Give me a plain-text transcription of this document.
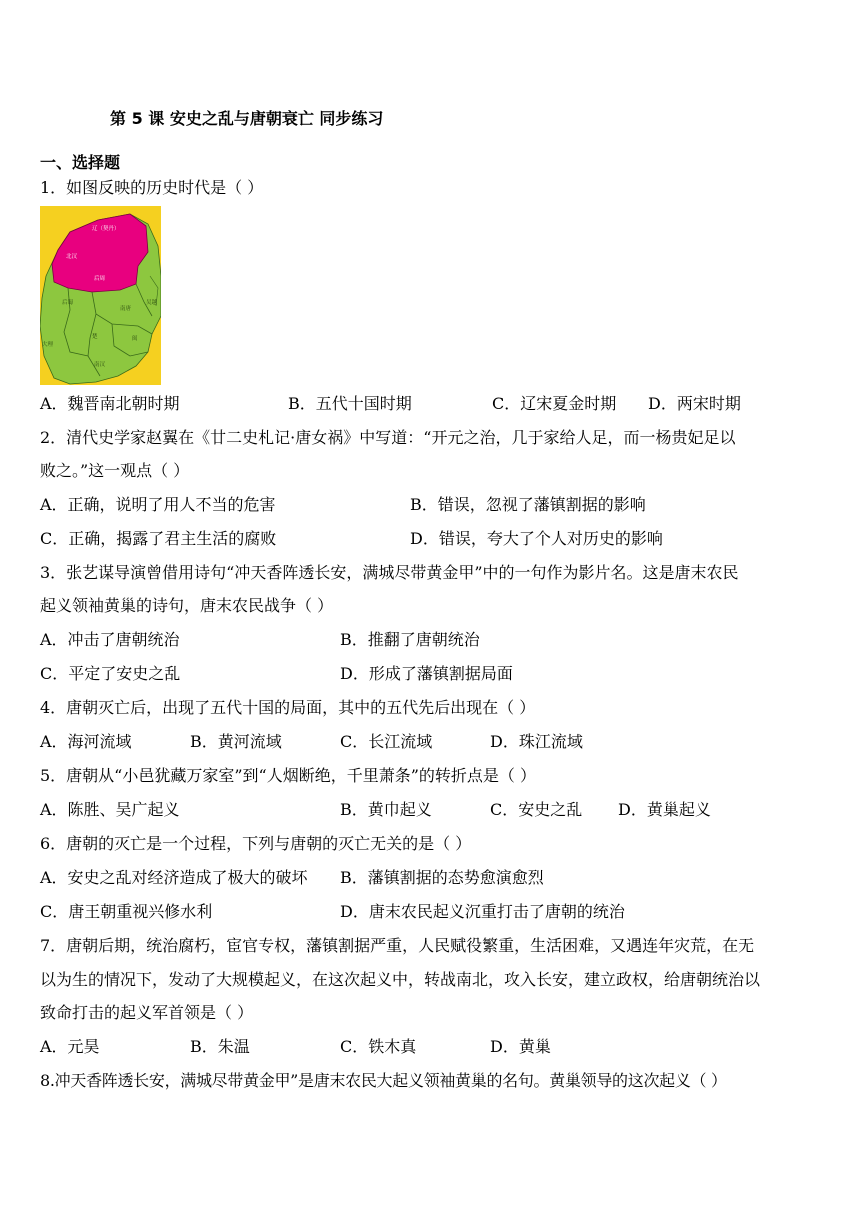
第 5 课 安史之乱与唐朝衰亡 同步练习
一、选择题
1．如图反映的历史时代是（ ）
辽（契丹）
北汉
后周
后蜀
南唐
吴越
楚	闽
南汉
大理
A．魏晋南北朝时期	B．五代十国时期	C．辽宋夏金时期 D．两宋时期
2．清代史学家赵翼在《廿二史札记·唐女祸》中写道：“开元之治，几于家给人足，而一杨贵妃足以
败之。”这一观点（ ）
A．正确，说明了用人不当的危害	B．错误，忽视了藩镇割据的影响
C．正确，揭露了君主生活的腐败	D．错误，夸大了个人对历史的影响
3．张艺谋导演曾借用诗句“冲天香阵透长安，满城尽带黄金甲”中的一句作为影片名。这是唐末农民
起义领袖黄巢的诗句，唐末农民战争（ ）
A．冲击了唐朝统治	B．推翻了唐朝统治
C．平定了安史之乱	D．形成了藩镇割据局面
4．唐朝灭亡后，出现了五代十国的局面，其中的五代先后出现在（ ）
A．海河流域	B．黄河流域	C．长江流域	D．珠江流域
5．唐朝从“小邑犹藏万家室”到“人烟断绝，千里萧条”的转折点是（ ）
A．陈胜、吴广起义	B．黄巾起义	C．安史之乱 D．黄巢起义
6．唐朝的灭亡是一个过程，下列与唐朝的灭亡无关的是（ ）
A．安史之乱对经济造成了极大的破坏 B．藩镇割据的态势愈演愈烈
C．唐王朝重视兴修水利	D．唐末农民起义沉重打击了唐朝的统治
7．唐朝后期，统治腐朽，宦官专权，藩镇割据严重，人民赋役繁重，生活困难，又遇连年灾荒，在无
以为生的情况下，发动了大规模起义，在这次起义中，转战南北，攻入长安，建立政权，给唐朝统治以
致命打击的起义军首领是（ ）
A．元昊	B．朱温	C．铁木真	D．黄巢
8.冲天香阵透长安，满城尽带黄金甲”是唐末农民大起义领袖黄巢的名句。黄巢领导的这次起义（ ）
